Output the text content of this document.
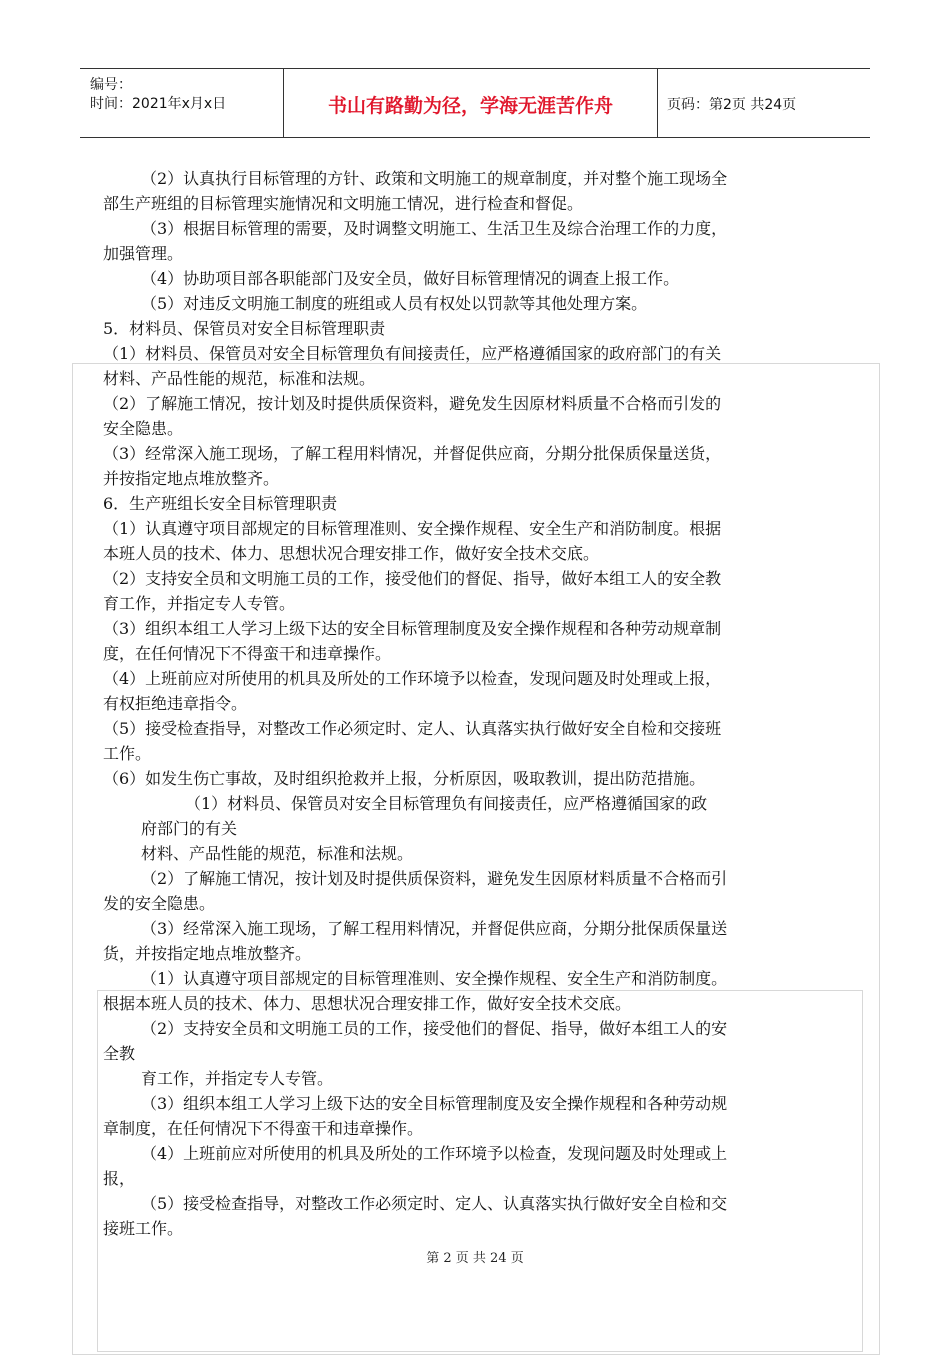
编号：
时间：2021年x月x日	书山有路勤为径，学海无涯苦作舟	页码：第2页 共24页
（2）认真执行目标管理的方针、政策和文明施工的规章制度，并对整个施工现场全
部生产班组的目标管理实施情况和文明施工情况，进行检查和督促。
（3）根据目标管理的需要，及时调整文明施工、生活卫生及综合治理工作的力度，
加强管理。
（4）协助项目部各职能部门及安全员，做好目标管理情况的调查上报工作。
（5）对违反文明施工制度的班组或人员有权处以罚款等其他处理方案。
5．材料员、保管员对安全目标管理职责
（1）材料员、保管员对安全目标管理负有间接责任，应严格遵循国家的政府部门的有关
材料、产品性能的规范，标准和法规。
（2）了解施工情况，按计划及时提供质保资料，避免发生因原材料质量不合格而引发的
安全隐患。
（3）经常深入施工现场，了解工程用料情况，并督促供应商，分期分批保质保量送货，
并按指定地点堆放整齐。
6．生产班组长安全目标管理职责
（1）认真遵守项目部规定的目标管理准则、安全操作规程、安全生产和消防制度。根据
本班人员的技术、体力、思想状况合理安排工作，做好安全技术交底。
（2）支持安全员和文明施工员的工作，接受他们的督促、指导，做好本组工人的安全教
育工作，并指定专人专管。
（3）组织本组工人学习上级下达的安全目标管理制度及安全操作规程和各种劳动规章制
度，在任何情况下不得蛮干和违章操作。
（4）上班前应对所使用的机具及所处的工作环境予以检查，发现问题及时处理或上报，
有权拒绝违章指令。
（5）接受检查指导，对整改工作必须定时、定人、认真落实执行做好安全自检和交接班
工作。
（6）如发生伤亡事故，及时组织抢救并上报，分析原因，吸取教训，提出防范措施。
（1）材料员、保管员对安全目标管理负有间接责任，应严格遵循国家的政
府部门的有关
材料、产品性能的规范，标准和法规。
（2）了解施工情况，按计划及时提供质保资料，避免发生因原材料质量不合格而引
发的安全隐患。
（3）经常深入施工现场，了解工程用料情况，并督促供应商，分期分批保质保量送
货，并按指定地点堆放整齐。
（1）认真遵守项目部规定的目标管理准则、安全操作规程、安全生产和消防制度。
根据本班人员的技术、体力、思想状况合理安排工作，做好安全技术交底。
（2）支持安全员和文明施工员的工作，接受他们的督促、指导，做好本组工人的安
全教
育工作，并指定专人专管。
（3）组织本组工人学习上级下达的安全目标管理制度及安全操作规程和各种劳动规
章制度，在任何情况下不得蛮干和违章操作。
（4）上班前应对所使用的机具及所处的工作环境予以检查，发现问题及时处理或上
报，
（5）接受检查指导，对整改工作必须定时、定人、认真落实执行做好安全自检和交
接班工作。
第 2 页 共 24 页
